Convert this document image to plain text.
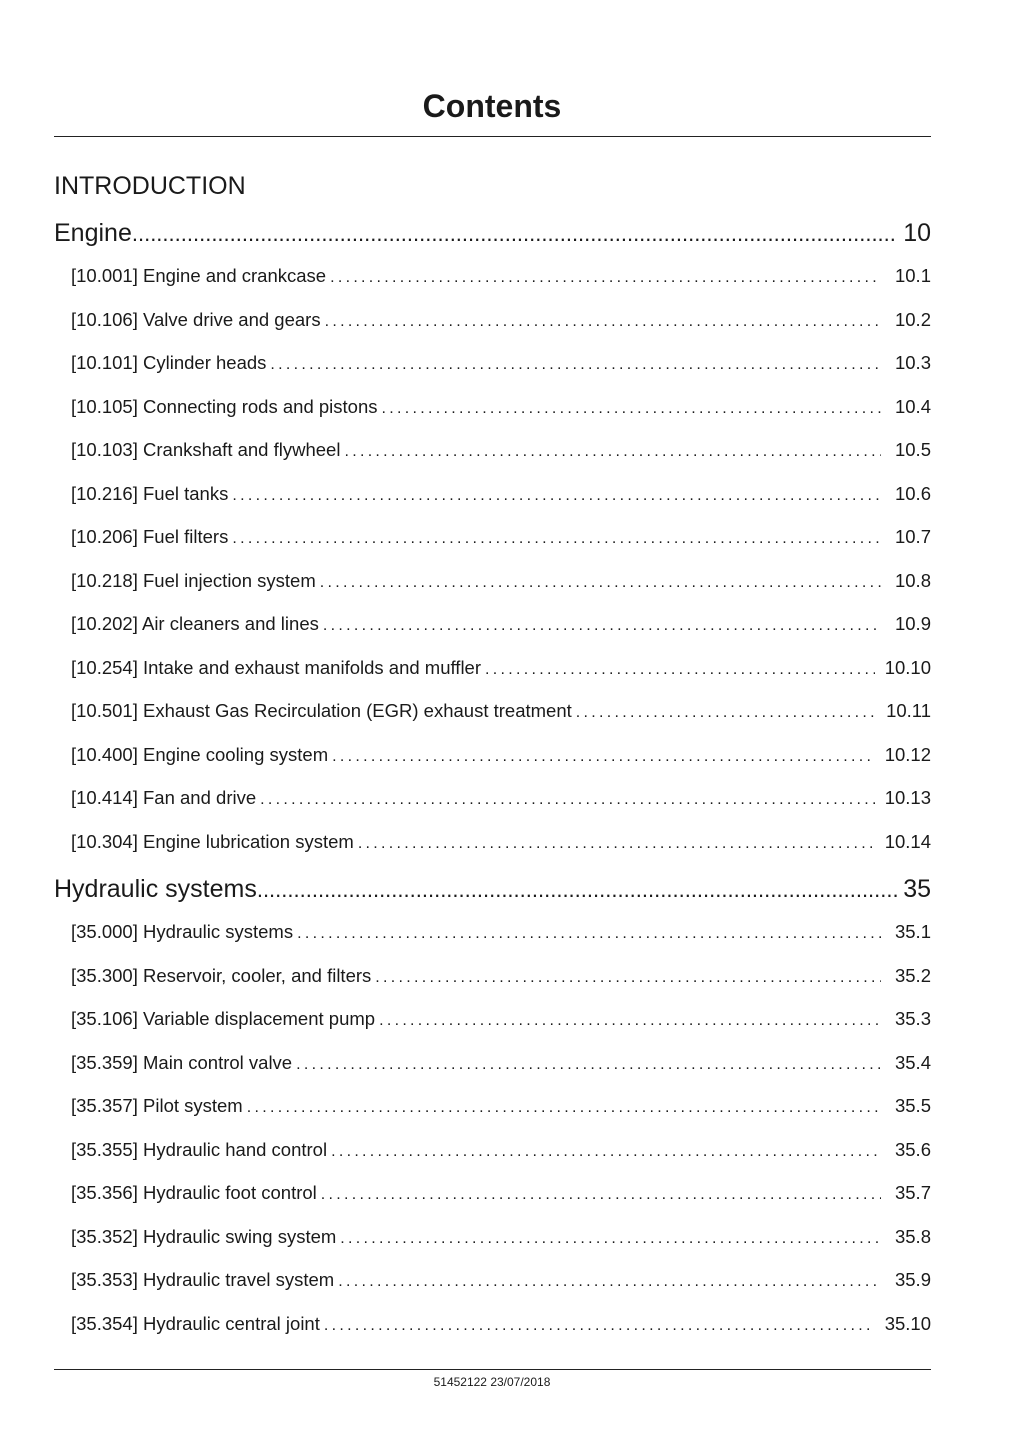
Contents
INTRODUCTION
Engine .....	10
[10.001] Engine and crankcase .....	10.1
[10.106] Valve drive and gears .....	10.2
[10.101] Cylinder heads .....	10.3
[10.105] Connecting rods and pistons .....	10.4
[10.103] Crankshaft and flywheel .....	10.5
[10.216] Fuel tanks .....	10.6
[10.206] Fuel filters .....	10.7
[10.218] Fuel injection system .....	10.8
[10.202] Air cleaners and lines .....	10.9
[10.254] Intake and exhaust manifolds and muffler .....	10.10
[10.501] Exhaust Gas Recirculation (EGR) exhaust treatment .....	10.11
[10.400] Engine cooling system .....	10.12
[10.414] Fan and drive .....	10.13
[10.304] Engine lubrication system .....	10.14
Hydraulic systems .....	35
[35.000] Hydraulic systems .....	35.1
[35.300] Reservoir, cooler, and filters .....	35.2
[35.106] Variable displacement pump .....	35.3
[35.359] Main control valve .....	35.4
[35.357] Pilot system .....	35.5
[35.355] Hydraulic hand control .....	35.6
[35.356] Hydraulic foot control .....	35.7
[35.352] Hydraulic swing system .....	35.8
[35.353] Hydraulic travel system .....	35.9
[35.354] Hydraulic central joint .....	35.10
51452122 23/07/2018
